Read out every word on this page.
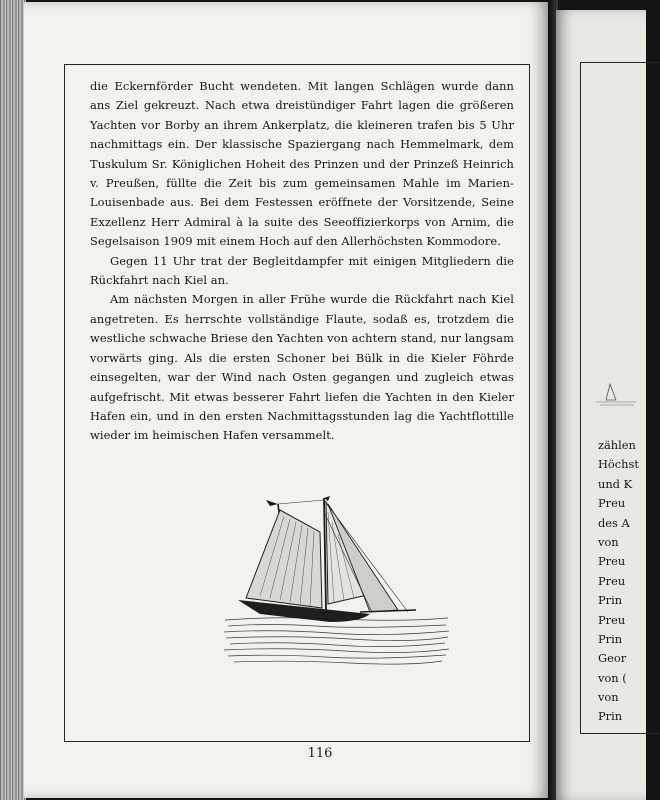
die Eckernförder Bucht wendeten. Mit langen Schlägen wurde dann ans Ziel gekreuzt. Nach etwa dreistündiger Fahrt lagen die größeren Yachten vor Borby an ihrem Ankerplatz, die kleineren trafen bis 5 Uhr nachmittags ein. Der klassische Spaziergang nach Hemmelmark, dem Tuskulum Sr. Königlichen Hoheit des Prinzen und der Prinzeß Heinrich v. Preußen, füllte die Zeit bis zum gemeinsamen Mahle im Marien-Louisenbade aus. Bei dem Festessen eröffnete der Vorsitzende, Seine Exzellenz Herr Admiral à la suite des Seeoffizierkorps von Arnim, die Segelsaison 1909 mit einem Hoch auf den Allerhöchsten Kommodore.

Gegen 11 Uhr trat der Begleitdampfer mit einigen Mitgliedern die Rückfahrt nach Kiel an.

Am nächsten Morgen in aller Frühe wurde die Rückfahrt nach Kiel angetreten. Es herrschte vollständige Flaute, sodaß es, trotzdem die westliche schwache Briese den Yachten von achtern stand, nur langsam vorwärts ging. Als die ersten Schoner bei Bülk in die Kieler Föhrde einsegelten, war der Wind nach Osten gegangen und zugleich etwas aufgefrischt. Mit etwas besserer Fahrt liefen die Yachten in den Kieler Hafen ein, und in den ersten Nachmittagsstunden lag die Yachtflottille wieder im heimischen Hafen versammelt.

116
zählen
Höchst
und K
Preu
des A
von
Preu
Preu
Prin
Preu
Prin
Geor
von (
von
Prin
